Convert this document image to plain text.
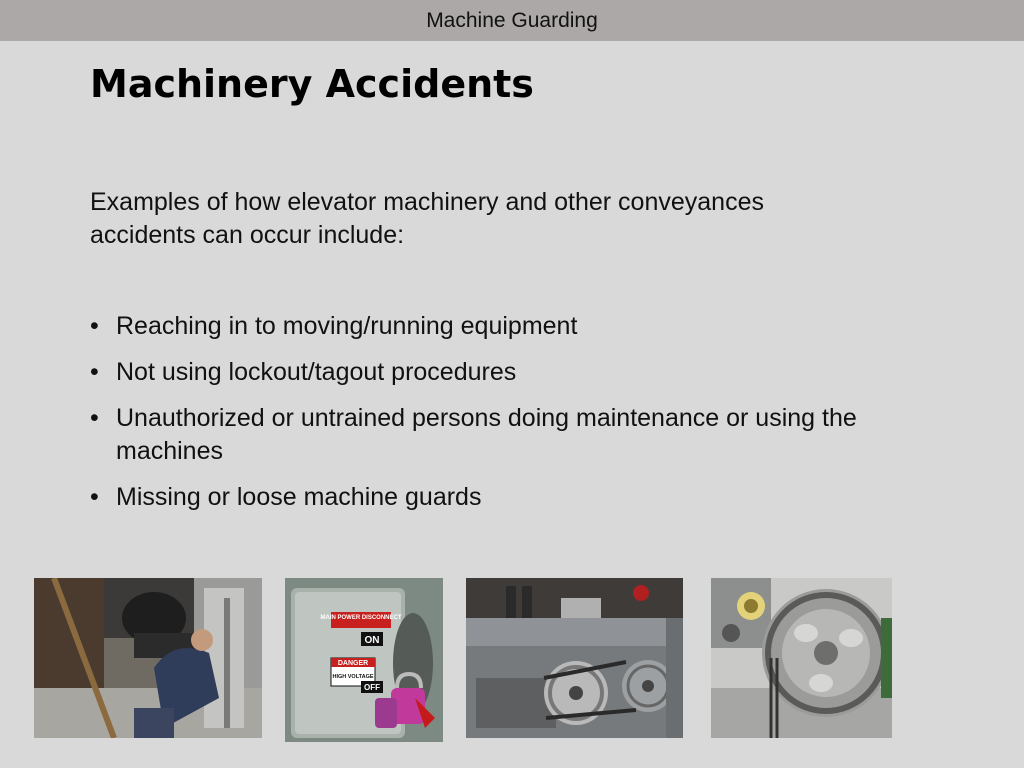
Machine Guarding
Machinery Accidents

Examples of how elevator machinery and other conveyances accidents can occur include:

• Reaching in to moving/running equipment
• Not using lockout/tagout procedures
• Unauthorized or untrained persons doing maintenance or using the machines
• Missing or loose machine guards
MAIN POWER DISCONNECT
ON
DANGER
HIGH VOLTAGE
OFF
